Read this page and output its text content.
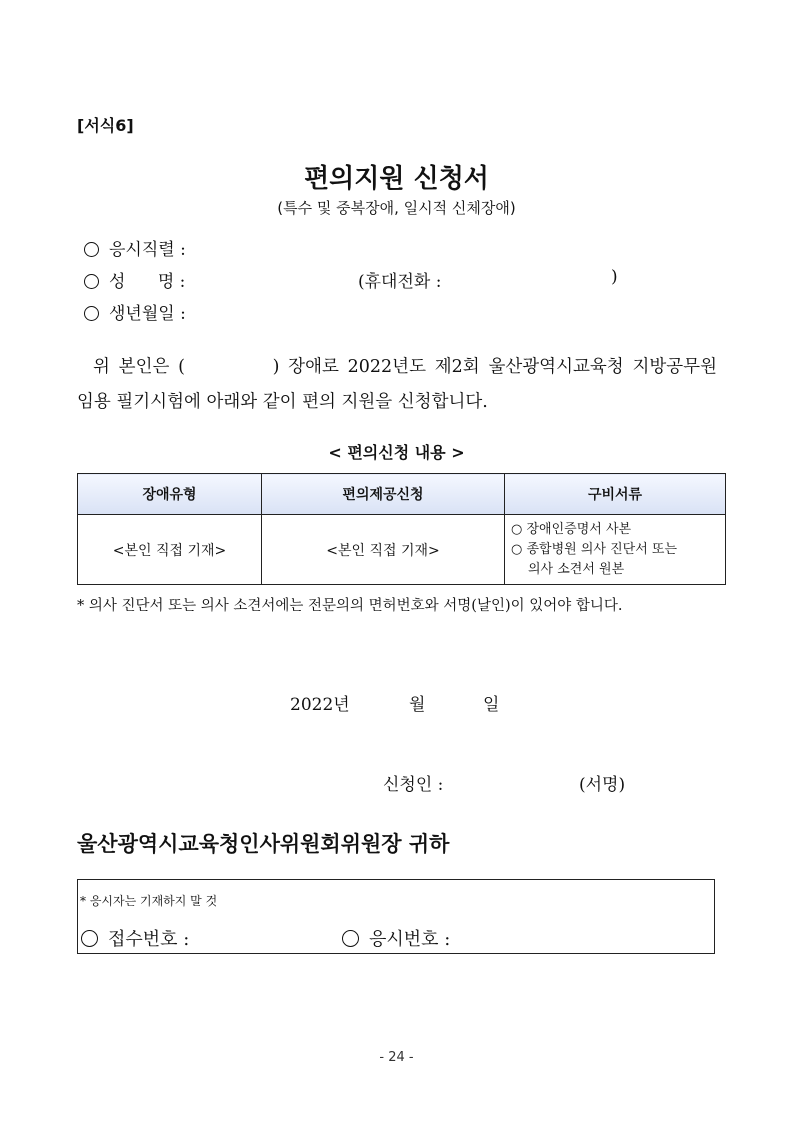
[서식6]
편의지원 신청서
(특수 및 중복장애, 일시적 신체장애)
응시직렬 :
성      명 :	(휴대전화 :	)
생년월일 :
위 본인은 (          ) 장애로 2022년도 제2회 울산광역시교육청 지방공무원
임용 필기시험에 아래와 같이 편의 지원을 신청합니다.
< 편의신청 내용 >
장애유형	편의제공신청	구비서류
<본인 직접 기재>	<본인 직접 기재>	○ 장애인증명서 사본
○ 종합병원 의사 진단서 또는
의사 소견서 원본
* 의사 진단서 또는 의사 소견서에는 전문의의 면허번호와 서명(날인)이 있어야 합니다.
2022년	월	일
신청인 :	(서명)
울산광역시교육청인사위원회위원장 귀하
* 응시자는 기재하지 말 것
접수번호 :	응시번호 :
- 24 -
